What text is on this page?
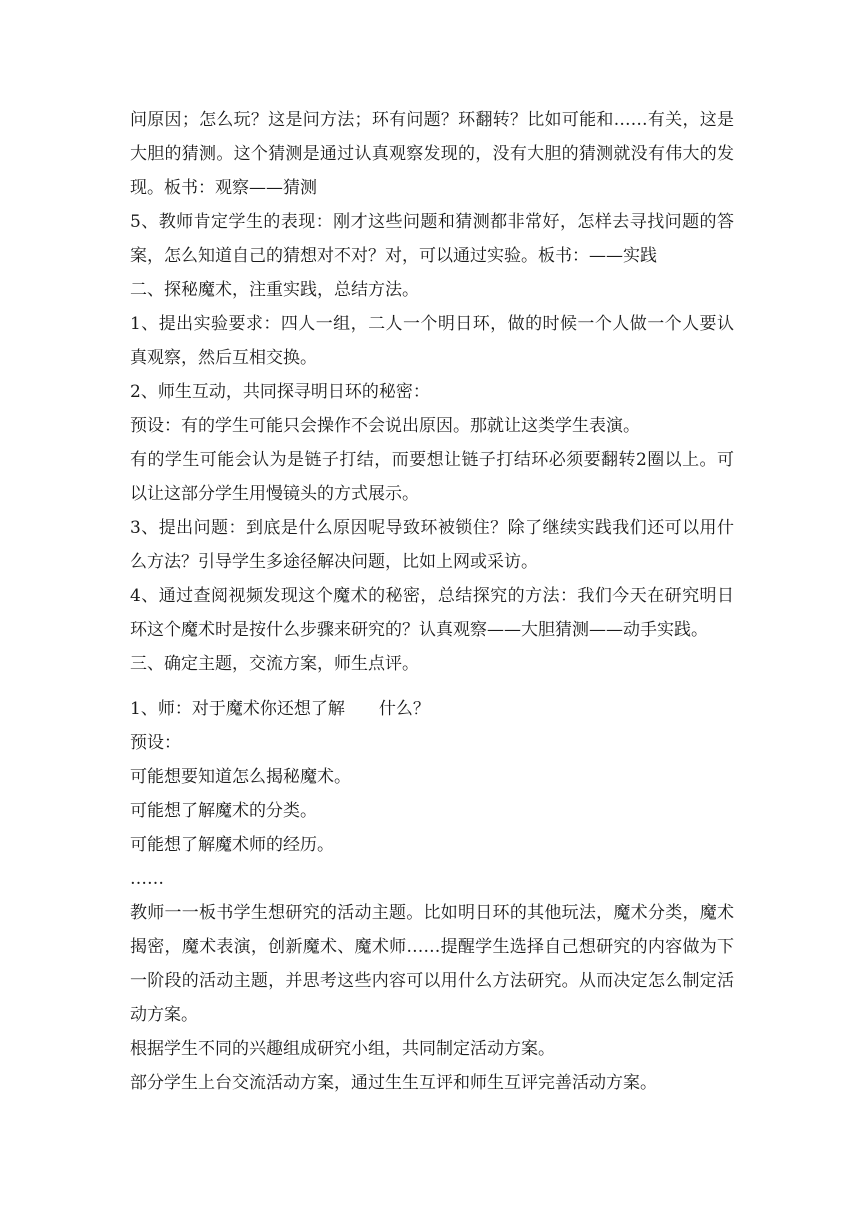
问原因；怎么玩？这是问方法；环有问题？环翻转？比如可能和……有关，这是大胆的猜测。这个猜测是通过认真观察发现的，没有大胆的猜测就没有伟大的发现。板书：观察——猜测

5、教师肯定学生的表现：刚才这些问题和猜测都非常好，怎样去寻找问题的答案，怎么知道自己的猜想对不对？对，可以通过实验。板书：——实践

二、探秘魔术，注重实践，总结方法。

1、提出实验要求：四人一组，二人一个明日环，做的时候一个人做一个人要认真观察，然后互相交换。

2、师生互动，共同探寻明日环的秘密：

预设：有的学生可能只会操作不会说出原因。那就让这类学生表演。

有的学生可能会认为是链子打结，而要想让链子打结环必须要翻转2圈以上。可以让这部分学生用慢镜头的方式展示。

3、提出问题：到底是什么原因呢导致环被锁住？除了继续实践我们还可以用什么方法？引导学生多途径解决问题，比如上网或采访。

4、通过查阅视频发现这个魔术的秘密，总结探究的方法：我们今天在研究明日环这个魔术时是按什么步骤来研究的？认真观察——大胆猜测——动手实践。

三、确定主题，交流方案，师生点评。

1、师：对于魔术你还想了解　　什么？

预设：

可能想要知道怎么揭秘魔术。

可能想了解魔术的分类。

可能想了解魔术师的经历。

……

教师一一板书学生想研究的活动主题。比如明日环的其他玩法，魔术分类，魔术揭密，魔术表演，创新魔术、魔术师……提醒学生选择自己想研究的内容做为下一阶段的活动主题，并思考这些内容可以用什么方法研究。从而决定怎么制定活动方案。

根据学生不同的兴趣组成研究小组，共同制定活动方案。

部分学生上台交流活动方案，通过生生互评和师生互评完善活动方案。
